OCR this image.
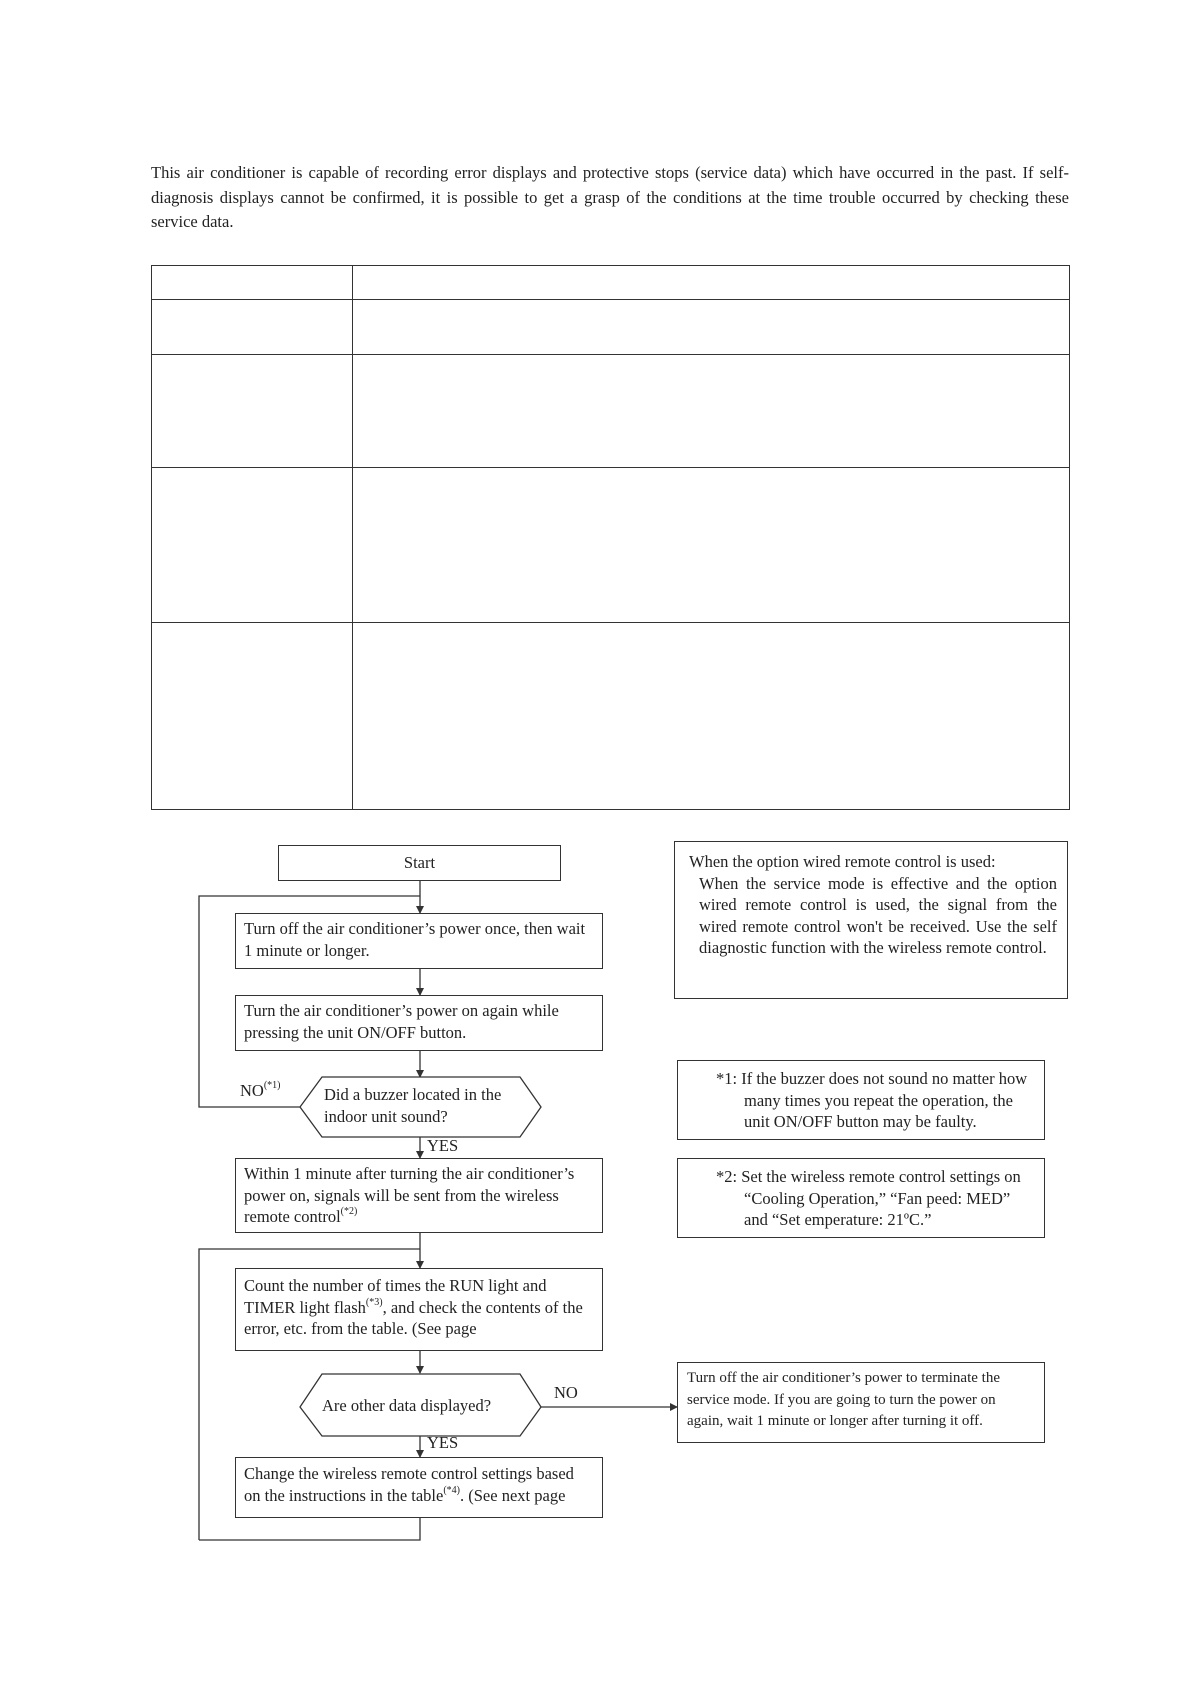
This air conditioner is capable of recording error displays and protective stops (service data) which have occurred in the past. If self-diagnosis displays cannot be confirmed, it is possible to get a grasp of the conditions at the time trouble occurred by checking these service data.
Start
Turn off the air conditioner’s power once, then wait 1 minute or longer.
Turn the air conditioner’s power on again while pressing the unit ON/OFF button.
Did a buzzer located in the indoor unit sound?
$NO^{(*1)}$
YES
Within 1 minute after turning the air conditioner’s power on, signals will be sent from the wireless remote control$^{(*2)}$
Count the number of times the RUN light and TIMER light flash$^{(*3)}$, and check the contents of the error, etc. from the table. (See page
Are other data displayed?
NO
YES
Change the wireless remote control settings based on the instructions in the table$^{(*4)}$. (See next page
Turn off the air conditioner’s power to terminate the service mode. If you are going to turn the power on again, wait 1 minute or longer after turning it off.
When the option wired remote control is used:
When the service mode is effective and the option wired remote control is used, the signal from the wired remote control won't be received. Use the self diagnostic function with the wireless remote control.
*1: If the buzzer does not sound no matter how many times you repeat the operation, the unit ON/OFF button may be faulty.
*2: Set the wireless remote control settings on “Cooling Operation,” “Fan peed: MED” and “Set emperature: 21ºC.”
